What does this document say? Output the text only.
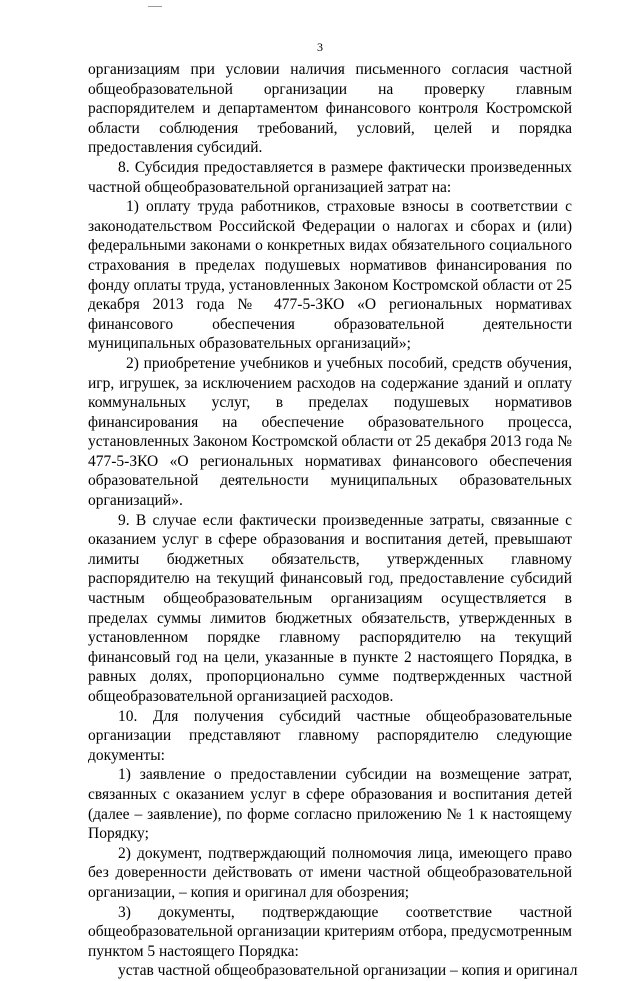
3

организациям при условии наличия письменного согласия частной общеобразовательной организации на проверку главным распорядителем и департаментом финансового контроля Костромской области соблюдения требований, условий, целей и порядка предоставления субсидий.

8. Субсидия предоставляется в размере фактически произведенных частной общеобразовательной организацией затрат на:

1) оплату труда работников, страховые взносы в соответствии с законодательством Российской Федерации о налогах и сборах и (или) федеральными законами о конкретных видах обязательного социального страхования в пределах подушевых нормативов финансирования по фонду оплаты труда, установленных Законом Костромской области от 25 декабря 2013 года № 477-5-ЗКО «О региональных нормативах финансового обеспечения образовательной деятельности муниципальных образовательных организаций»;

2) приобретение учебников и учебных пособий, средств обучения, игр, игрушек, за исключением расходов на содержание зданий и оплату коммунальных услуг, в пределах подушевых нормативов финансирования на обеспечение образовательного процесса, установленных Законом Костромской области от 25 декабря 2013 года № 477-5-ЗКО «О региональных нормативах финансового обеспечения образовательной деятельности муниципальных образовательных организаций».

9. В случае если фактически произведенные затраты, связанные с оказанием услуг в сфере образования и воспитания детей, превышают лимиты бюджетных обязательств, утвержденных главному распорядителю на текущий финансовый год, предоставление субсидий частным общеобразовательным организациям осуществляется в пределах суммы лимитов бюджетных обязательств, утвержденных в установленном порядке главному распорядителю на текущий финансовый год на цели, указанные в пункте 2 настоящего Порядка, в равных долях, пропорционально сумме подтвержденных частной общеобразовательной организацией расходов.

10. Для получения субсидий частные общеобразовательные организации представляют главному распорядителю следующие документы:

1) заявление о предоставлении субсидии на возмещение затрат, связанных с оказанием услуг в сфере образования и воспитания детей (далее – заявление), по форме согласно приложению № 1 к настоящему Порядку;

2) документ, подтверждающий полномочия лица, имеющего право без доверенности действовать от имени частной общеобразовательной организации, – копия и оригинал для обозрения;

3) документы, подтверждающие соответствие частной общеобразовательной организации критериям отбора, предусмотренным пунктом 5 настоящего Порядка:

устав частной общеобразовательной организации – копия и оригинал
